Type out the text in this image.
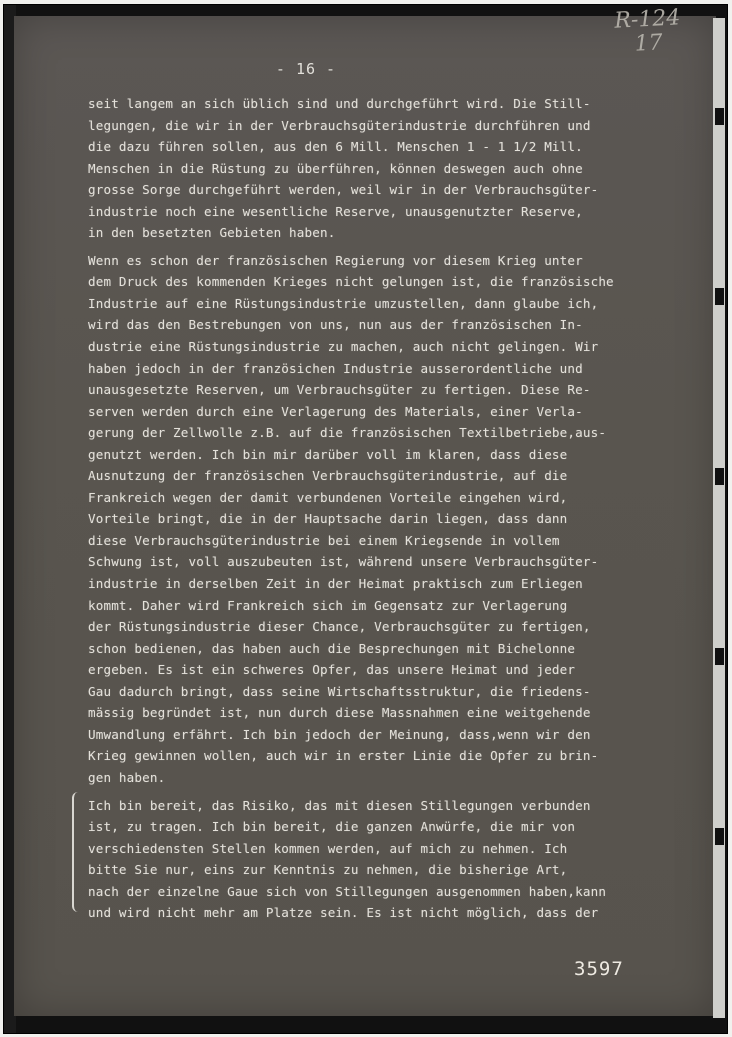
R-124
17
- 16 -
seit langem an sich üblich sind und durchgeführt wird. Die Still-
legungen, die wir in der Verbrauchsgüterindustrie durchführen und
die dazu führen sollen, aus den 6 Mill. Menschen 1 - 1 1/2 Mill.
Menschen in die Rüstung zu überführen, können deswegen auch ohne
grosse Sorge durchgeführt werden, weil wir in der Verbrauchsgüter-
industrie noch eine wesentliche Reserve, unausgenutzter Reserve,
in den besetzten Gebieten haben.
Wenn es schon der französischen Regierung vor diesem Krieg unter
dem Druck des kommenden Krieges nicht gelungen ist, die französische
Industrie auf eine Rüstungsindustrie umzustellen, dann glaube ich,
wird das den Bestrebungen von uns, nun aus der französischen In-
dustrie eine Rüstungsindustrie zu machen, auch nicht gelingen. Wir
haben jedoch in der französichen Industrie ausserordentliche und
unausgesetzte Reserven, um Verbrauchsgüter zu fertigen. Diese Re-
serven werden durch eine Verlagerung des Materials, einer Verla-
gerung der Zellwolle z.B. auf die französischen Textilbetriebe,aus-
genutzt werden. Ich bin mir darüber voll im klaren, dass diese
Ausnutzung der französischen Verbrauchsgüterindustrie, auf die
Frankreich wegen der damit verbundenen Vorteile eingehen wird,
Vorteile bringt, die in der Hauptsache darin liegen, dass dann
diese Verbrauchsgüterindustrie bei einem Kriegsende in vollem
Schwung ist, voll auszubeuten ist, während unsere Verbrauchsgüter-
industrie in derselben Zeit in der Heimat praktisch zum Erliegen
kommt. Daher wird Frankreich sich im Gegensatz zur Verlagerung
der Rüstungsindustrie dieser Chance, Verbrauchsgüter zu fertigen,
schon bedienen, das haben auch die Besprechungen mit Bichelonne
ergeben. Es ist ein schweres Opfer, das unsere Heimat und jeder
Gau dadurch bringt, dass seine Wirtschaftsstruktur, die friedens-
mässig begründet ist, nun durch diese Massnahmen eine weitgehende
Umwandlung erfährt. Ich bin jedoch der Meinung, dass,wenn wir den
Krieg gewinnen wollen, auch wir in erster Linie die Opfer zu brin-
gen haben.
Ich bin bereit, das Risiko, das mit diesen Stillegungen verbunden
ist, zu tragen. Ich bin bereit, die ganzen Anwürfe, die mir von
verschiedensten Stellen kommen werden, auf mich zu nehmen. Ich
bitte Sie nur, eins zur Kenntnis zu nehmen, die bisherige Art,
nach der einzelne Gaue sich von Stillegungen ausgenommen haben,kann
und wird nicht mehr am Platze sein. Es ist nicht möglich, dass der
3597
